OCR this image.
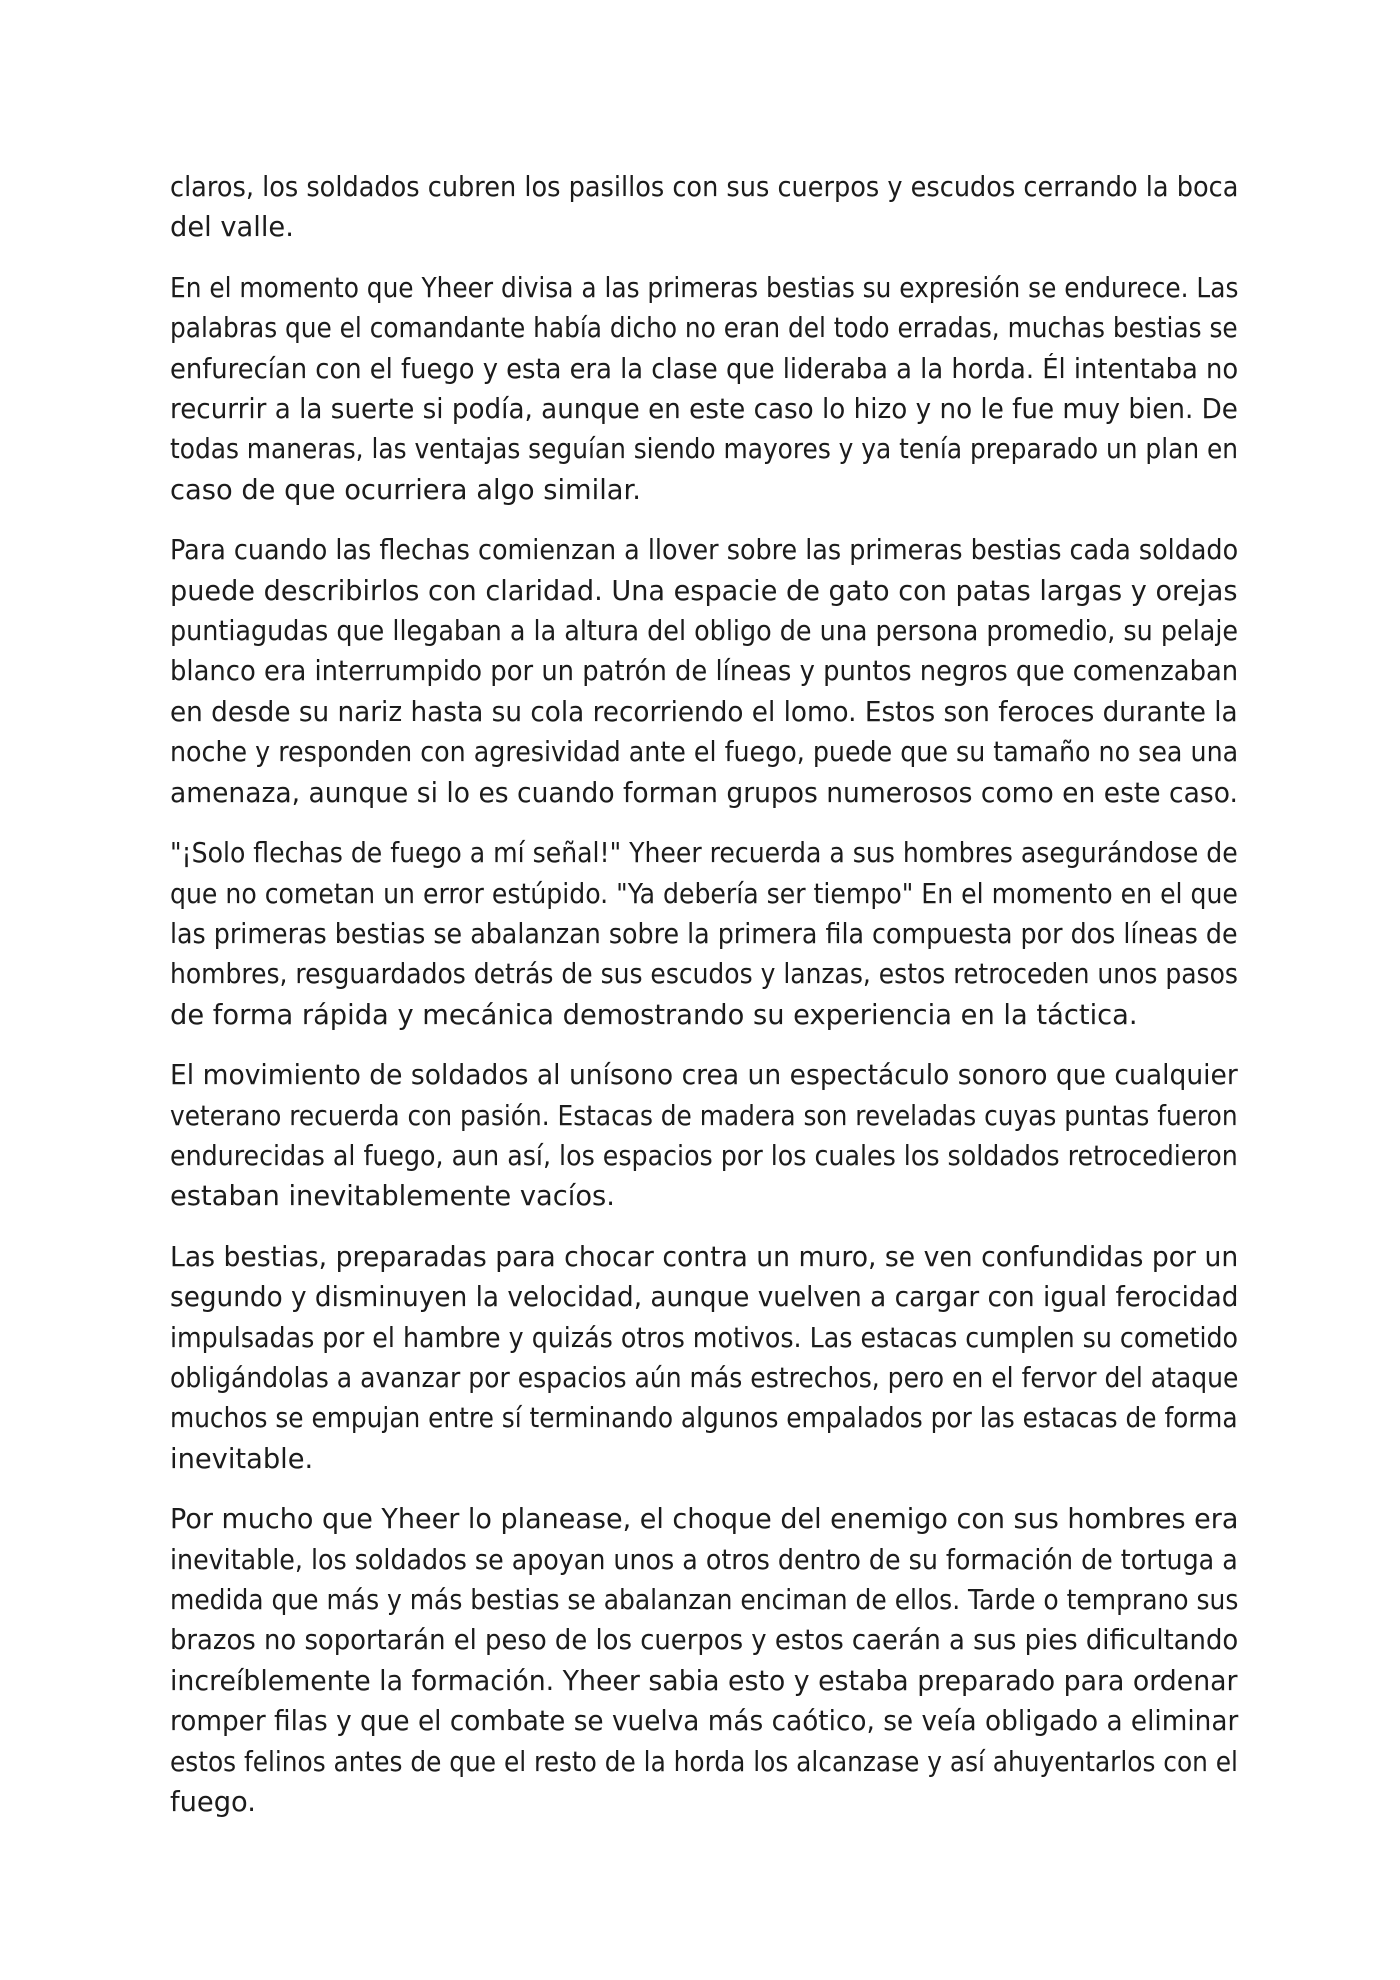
claros, los soldados cubren los pasillos con sus cuerpos y escudos cerrando la boca
del valle.
En el momento que Yheer divisa a las primeras bestias su expresión se endurece. Las
palabras que el comandante había dicho no eran del todo erradas, muchas bestias se
enfurecían con el fuego y esta era la clase que lideraba a la horda. Él intentaba no
recurrir a la suerte si podía, aunque en este caso lo hizo y no le fue muy bien. De
todas maneras, las ventajas seguían siendo mayores y ya tenía preparado un plan en
caso de que ocurriera algo similar.
Para cuando las flechas comienzan a llover sobre las primeras bestias cada soldado
puede describirlos con claridad. Una espacie de gato con patas largas y orejas
puntiagudas que llegaban a la altura del obligo de una persona promedio, su pelaje
blanco era interrumpido por un patrón de líneas y puntos negros que comenzaban
en desde su nariz hasta su cola recorriendo el lomo. Estos son feroces durante la
noche y responden con agresividad ante el fuego, puede que su tamaño no sea una
amenaza, aunque si lo es cuando forman grupos numerosos como en este caso.
"¡Solo flechas de fuego a mí señal!" Yheer recuerda a sus hombres asegurándose de
que no cometan un error estúpido. "Ya debería ser tiempo" En el momento en el que
las primeras bestias se abalanzan sobre la primera fila compuesta por dos líneas de
hombres, resguardados detrás de sus escudos y lanzas, estos retroceden unos pasos
de forma rápida y mecánica demostrando su experiencia en la táctica.
El movimiento de soldados al unísono crea un espectáculo sonoro que cualquier
veterano recuerda con pasión. Estacas de madera son reveladas cuyas puntas fueron
endurecidas al fuego, aun así, los espacios por los cuales los soldados retrocedieron
estaban inevitablemente vacíos.
Las bestias, preparadas para chocar contra un muro, se ven confundidas por un
segundo y disminuyen la velocidad, aunque vuelven a cargar con igual ferocidad
impulsadas por el hambre y quizás otros motivos. Las estacas cumplen su cometido
obligándolas a avanzar por espacios aún más estrechos, pero en el fervor del ataque
muchos se empujan entre sí terminando algunos empalados por las estacas de forma
inevitable.
Por mucho que Yheer lo planease, el choque del enemigo con sus hombres era
inevitable, los soldados se apoyan unos a otros dentro de su formación de tortuga a
medida que más y más bestias se abalanzan enciman de ellos. Tarde o temprano sus
brazos no soportarán el peso de los cuerpos y estos caerán a sus pies dificultando
increíblemente la formación. Yheer sabia esto y estaba preparado para ordenar
romper filas y que el combate se vuelva más caótico, se veía obligado a eliminar
estos felinos antes de que el resto de la horda los alcanzase y así ahuyentarlos con el
fuego.
